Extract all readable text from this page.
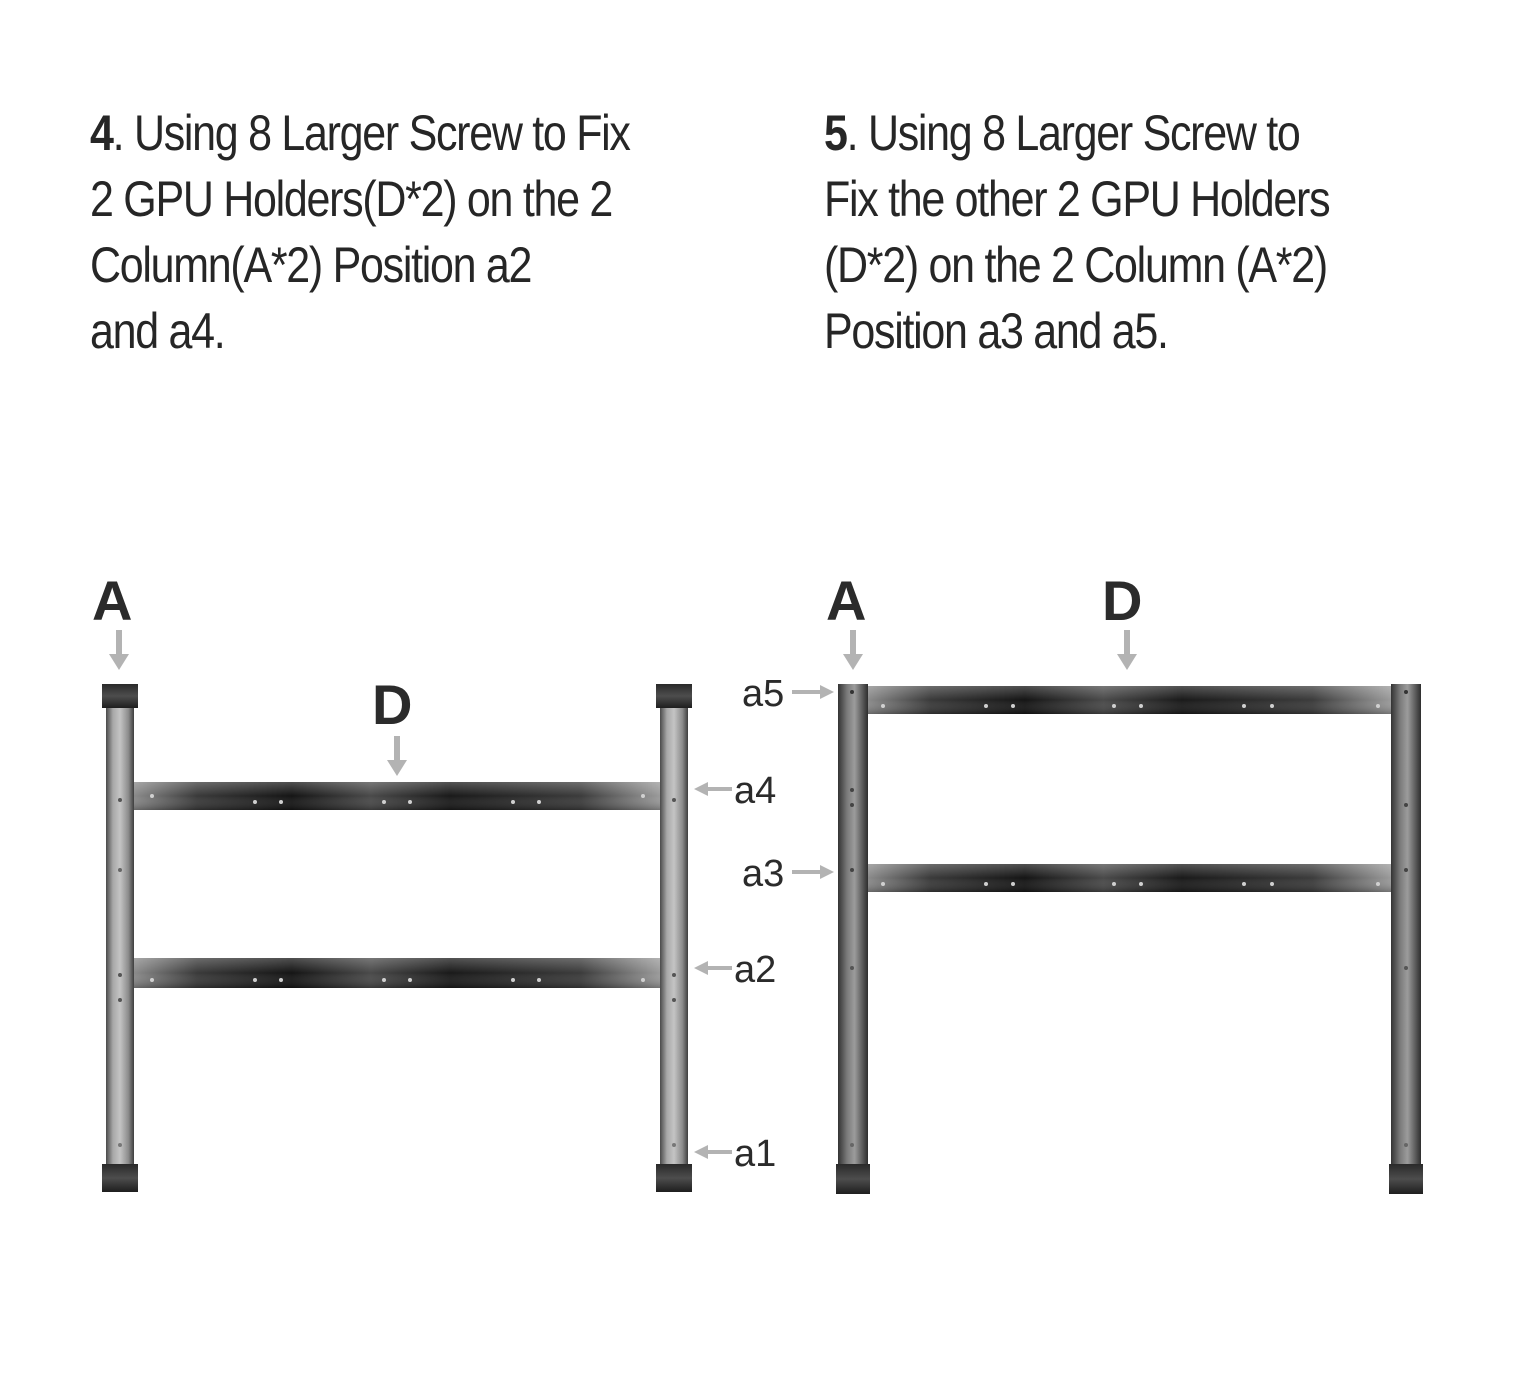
4. Using 8 Larger Screw to Fix
2 GPU Holders(D*2) on the 2
Column(A*2) Position a2
and a4.
5. Using 8 Larger Screw to
Fix the other 2 GPU Holders
(D*2) on the 2 Column (A*2)
Position a3 and a5.
A
D
a4
a2
a1
A	D
a5
a3
